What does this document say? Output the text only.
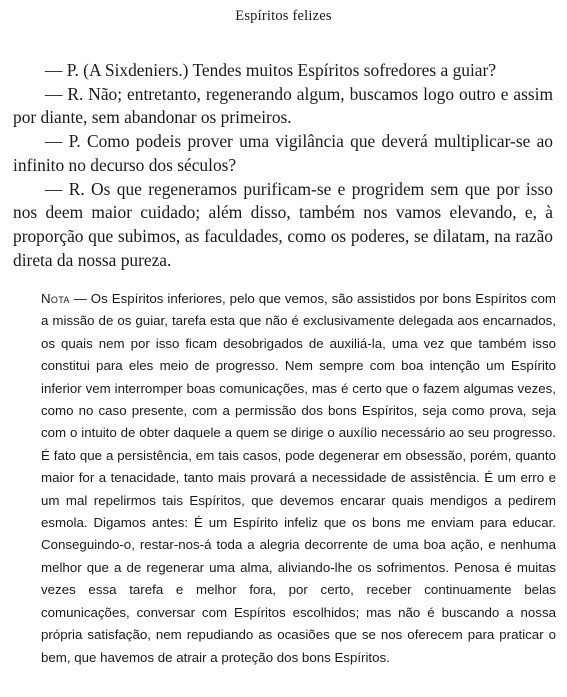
Espíritos felizes

— P. (A Sixdeniers.) Tendes muitos Espíritos sofredores a guiar?

— R. Não; entretanto, regenerando algum, buscamos logo outro e assim por diante, sem abandonar os primeiros.

— P. Como podeis prover uma vigilância que deverá multiplicar-se ao infinito no decurso dos séculos?

— R. Os que regeneramos purificam-se e progridem sem que por isso nos deem maior cuidado; além disso, também nos vamos elevando, e, à proporção que subimos, as faculdades, como os poderes, se dilatam, na razão direta da nossa pureza.

Nota — Os Espíritos inferiores, pelo que vemos, são assistidos por bons Espíritos com a missão de os guiar, tarefa esta que não é exclusivamente delegada aos encarnados, os quais nem por isso ficam desobrigados de auxiliá-la, uma vez que também isso constitui para eles meio de progresso. Nem sempre com boa intenção um Espírito inferior vem interromper boas comunicações, mas é certo que o fazem algumas vezes, como no caso presente, com a permissão dos bons Espíritos, seja como prova, seja com o intuito de obter daquele a quem se dirige o auxílio necessário ao seu progresso. É fato que a persistência, em tais casos, pode degenerar em obsessão, porém, quanto maior for a tenacidade, tanto mais provará a necessidade de assistência. É um erro e um mal repelirmos tais Espíritos, que devemos encarar quais mendigos a pedirem esmola. Digamos antes: É um Espírito infeliz que os bons me enviam para educar. Conseguindo-o, restar-nos-á toda a alegria decorrente de uma boa ação, e nenhuma melhor que a de regenerar uma alma, aliviando-lhe os sofrimentos. Penosa é muitas vezes essa tarefa e melhor fora, por certo, receber continuamente belas comunicações, conversar com Espíritos escolhidos; mas não é buscando a nossa própria satisfação, nem repudiando as ocasiões que se nos oferecem para praticar o bem, que havemos de atrair a proteção dos bons Espíritos.
